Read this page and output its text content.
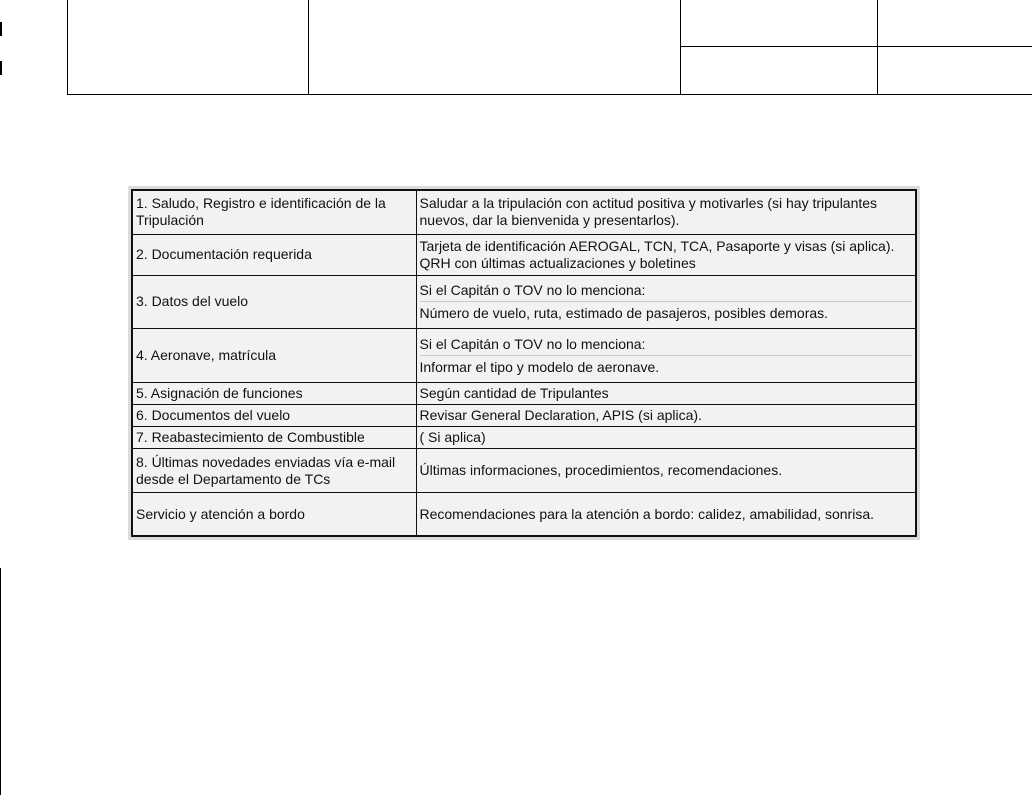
1. Saludo, Registro e identificación de la Tripulación	Saludar a la tripulación con actitud positiva y motivarles (si hay tripulantes nuevos, dar la bienvenida y presentarlos).

2. Documentación requerida	Tarjeta de identificación AEROGAL, TCN, TCA, Pasaporte y visas (si aplica). QRH con últimas actualizaciones y boletines

3. Datos del vuelo	Si el Capitán o TOV no lo menciona:
Número de vuelo, ruta, estimado de pasajeros, posibles demoras.

4. Aeronave, matrícula	Si el Capitán o TOV no lo menciona:
Informar el tipo y modelo de aeronave.

5. Asignación de funciones	Según cantidad de Tripulantes

6. Documentos del vuelo	Revisar General Declaration, APIS (si aplica).

7. Reabastecimiento de Combustible	( Si aplica)

8. Últimas novedades enviadas vía e-mail desde el Departamento de TCs	Últimas informaciones, procedimientos, recomendaciones.

Servicio y atención a bordo	Recomendaciones para la atención a bordo: calidez, amabilidad, sonrisa.
